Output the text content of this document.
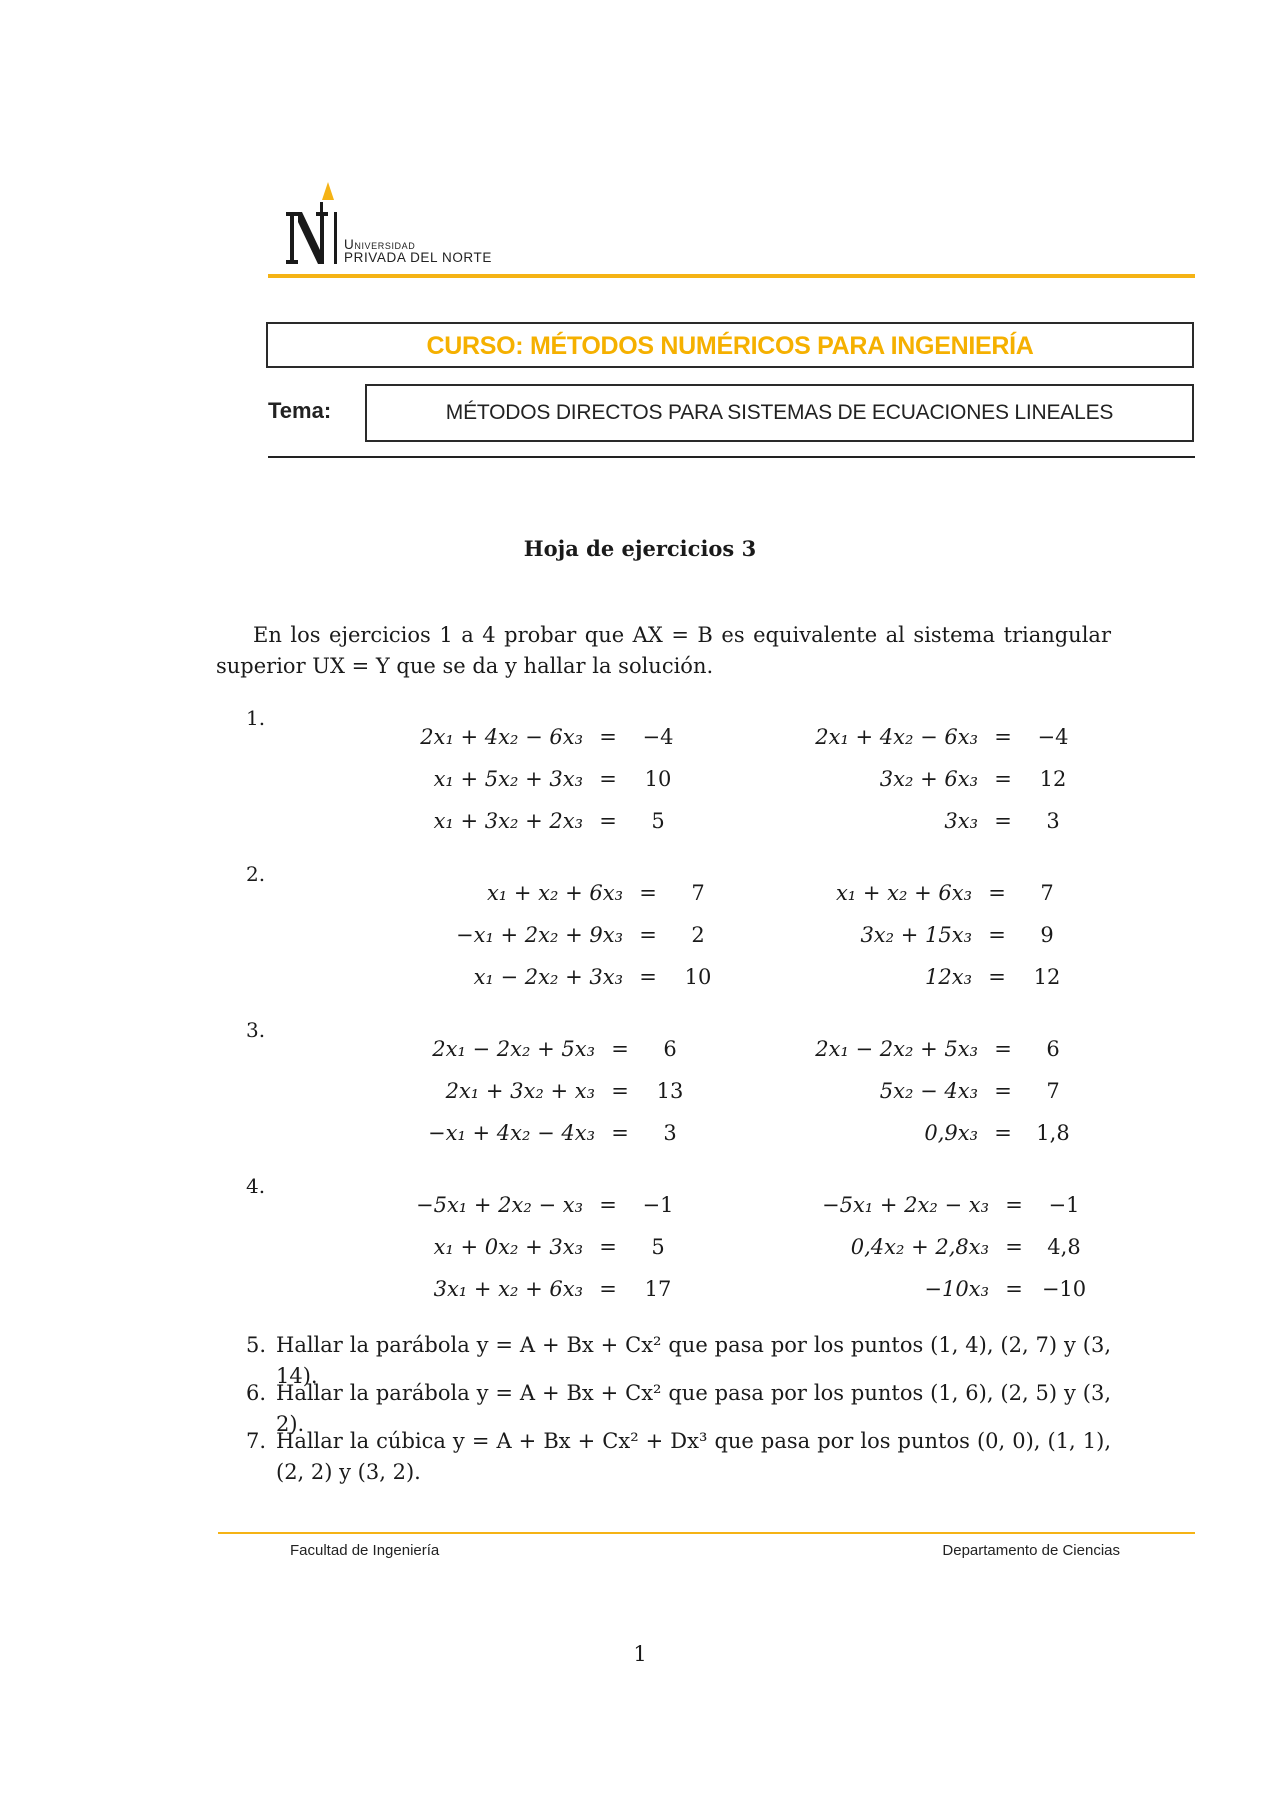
Universidad
PRIVADA DEL NORTE
CURSO: MÉTODOS NUMÉRICOS PARA INGENIERÍA
Tema:	MÉTODOS DIRECTOS PARA SISTEMAS DE ECUACIONES LINEALES
Hoja de ejercicios 3
En los ejercicios 1 a 4 probar que AX = B es equivalente al sistema triangular superior UX = Y que se da y hallar la solución.
1.
2x₁ + 4x₂ − 6x₃	=	−4
x₁ + 5x₂ + 3x₃	=	10
x₁ + 3x₂ + 2x₃	=	5
2x₁ + 4x₂ − 6x₃	=	−4
3x₂ + 6x₃	=	12
3x₃	=	3
2.
x₁ + x₂ + 6x₃	=	7
−x₁ + 2x₂ + 9x₃	=	2
x₁ − 2x₂ + 3x₃	=	10
x₁ + x₂ + 6x₃	=	7
3x₂ + 15x₃	=	9
12x₃	=	12
3.
2x₁ − 2x₂ + 5x₃	=	6
2x₁ + 3x₂ + x₃	=	13
−x₁ + 4x₂ − 4x₃	=	3
2x₁ − 2x₂ + 5x₃	=	6
5x₂ − 4x₃	=	7
0,9x₃	=	1,8
4.
−5x₁ + 2x₂ − x₃	=	−1
x₁ + 0x₂ + 3x₃	=	5
3x₁ + x₂ + 6x₃	=	17
−5x₁ + 2x₂ − x₃	=	−1
0,4x₂ + 2,8x₃	=	4,8
−10x₃	=	−10
5. Hallar la parábola y = A + Bx + Cx² que pasa por los puntos (1, 4), (2, 7) y (3, 14).
6. Hallar la parábola y = A + Bx + Cx² que pasa por los puntos (1, 6), (2, 5) y (3, 2).
7. Hallar la cúbica y = A + Bx + Cx² + Dx³ que pasa por los puntos (0, 0), (1, 1), (2, 2) y (3, 2).
Facultad de Ingeniería	Departamento de Ciencias
1
